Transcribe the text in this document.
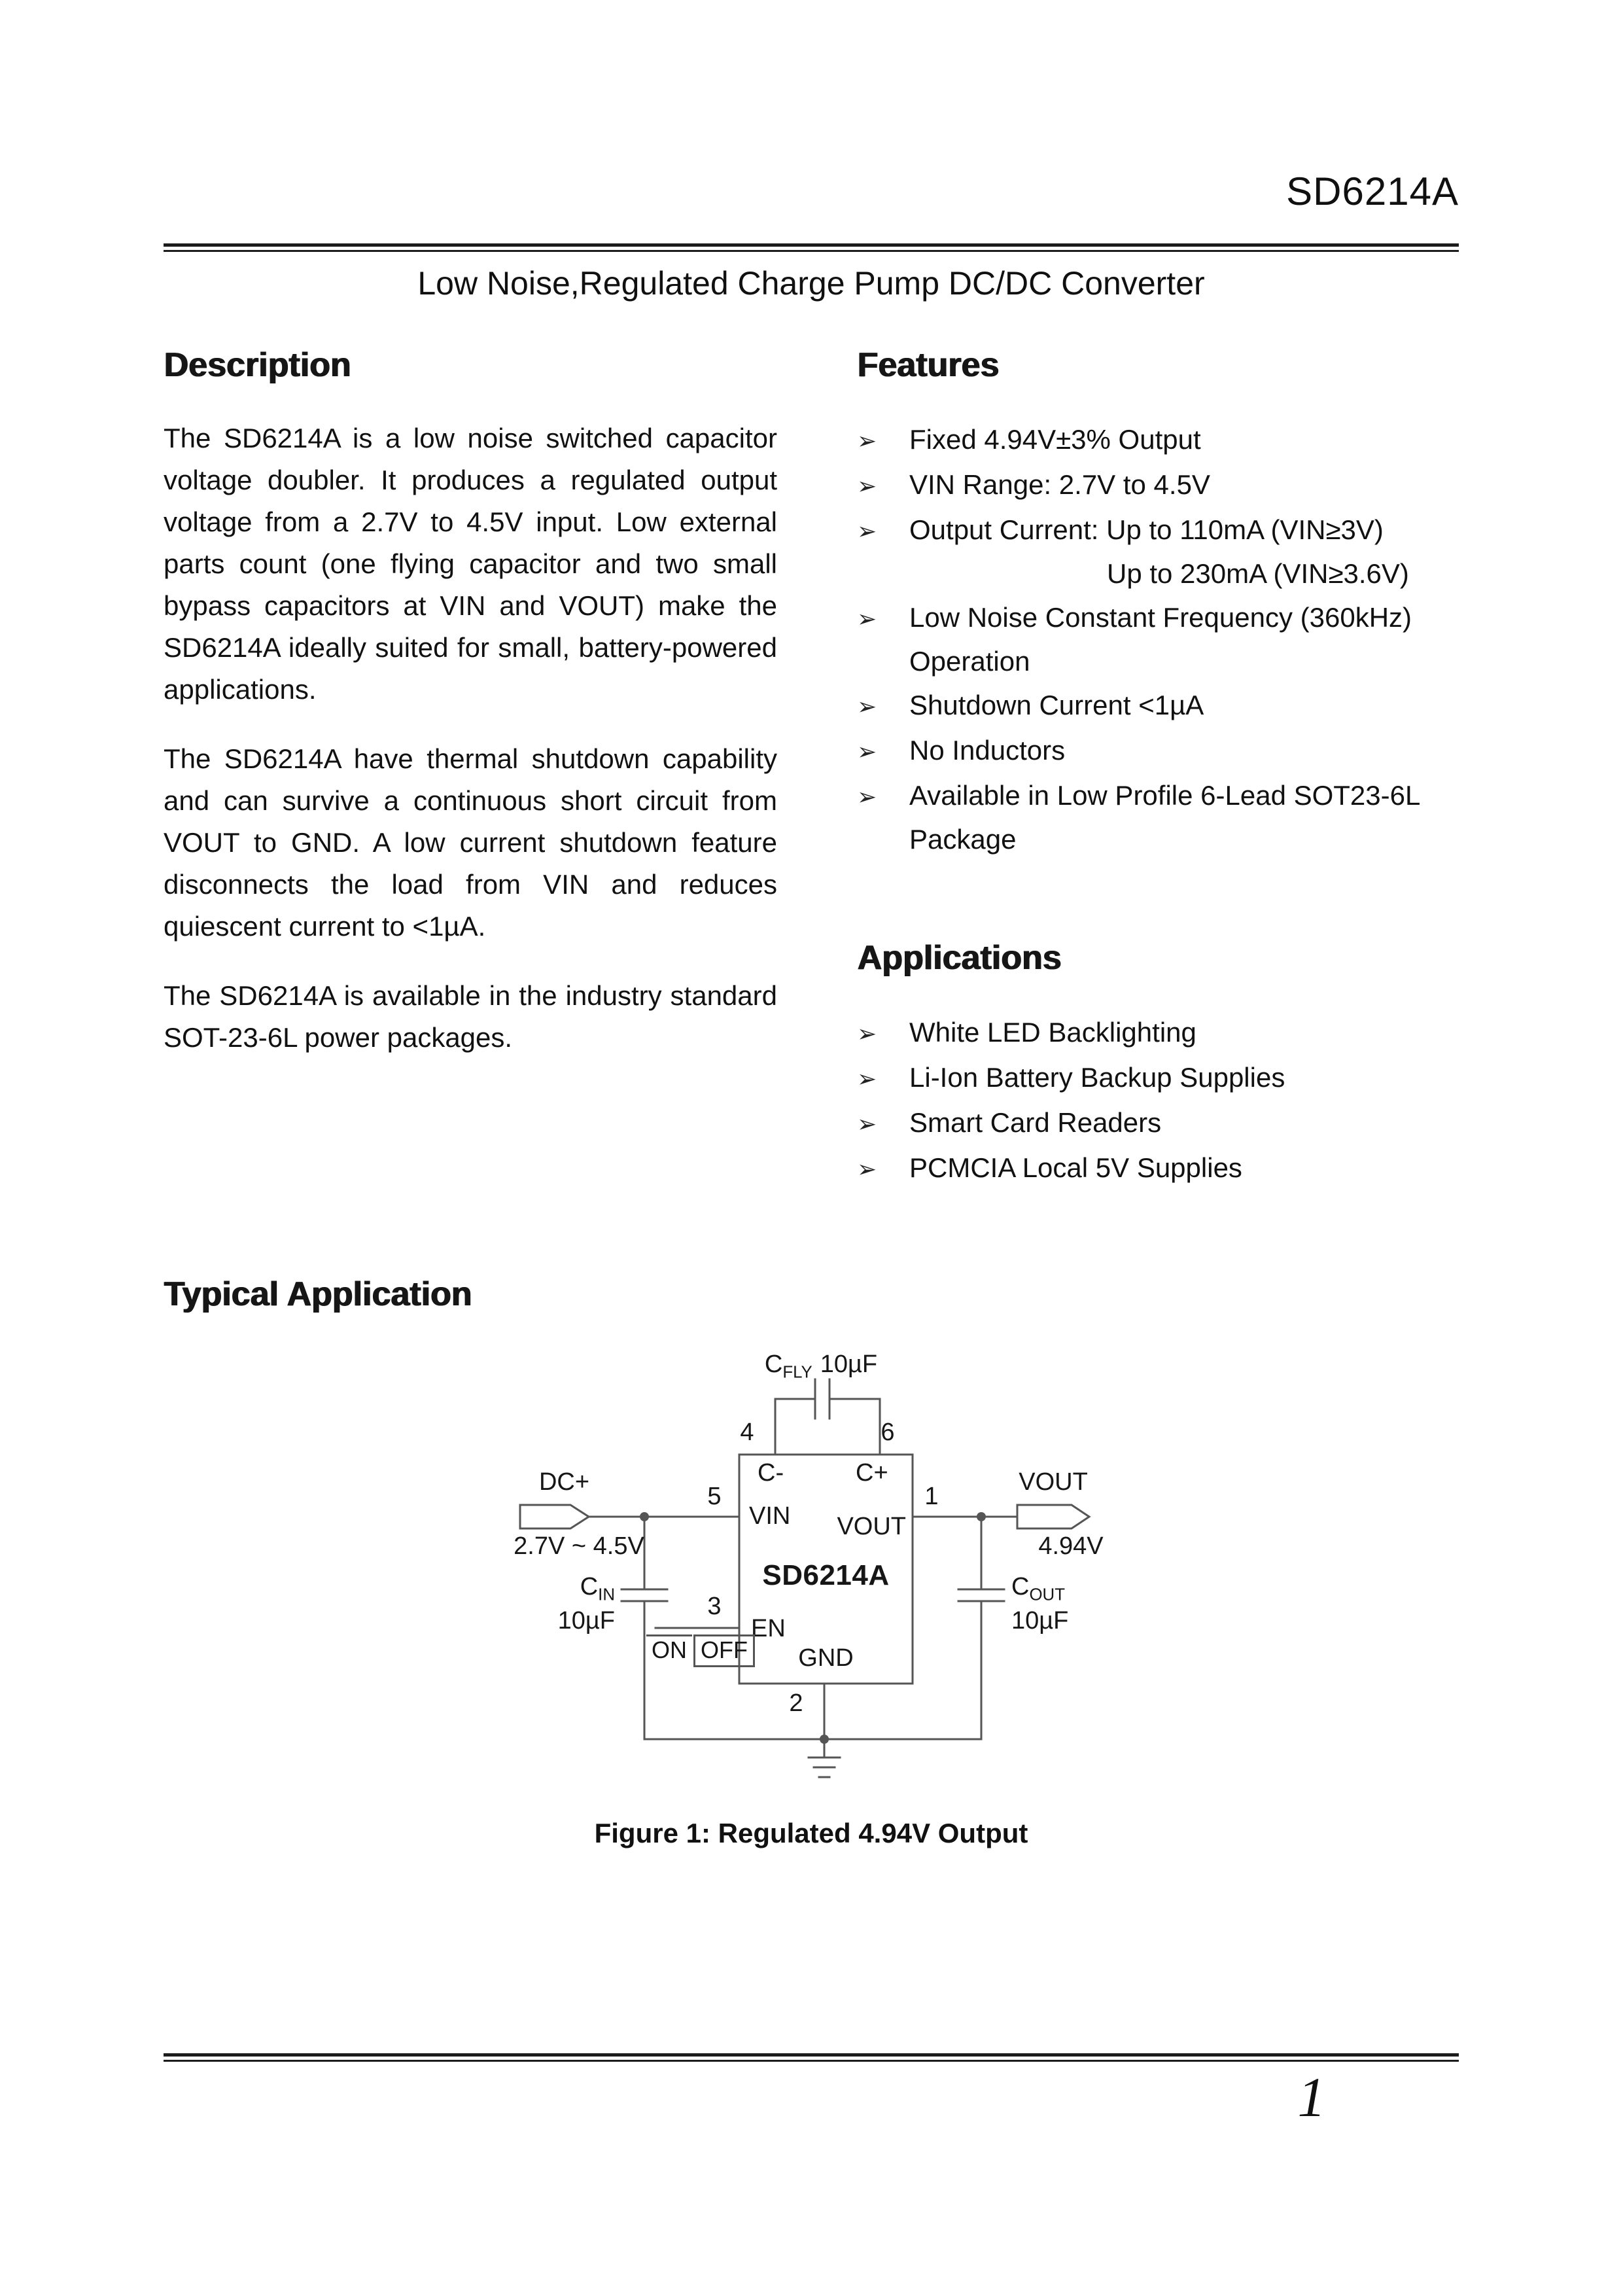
SD6214A
Low Noise,Regulated Charge Pump DC/DC Converter
Description

The SD6214A is a low noise switched capacitor voltage doubler. It produces a regulated output voltage from a 2.7V to 4.5V input. Low external parts count (one flying capacitor and two small bypass capacitors at VIN and VOUT) make the SD6214A ideally suited for small, battery-powered applications.

The SD6214A have thermal shutdown capability and can survive a continuous short circuit from VOUT to GND. A low current shutdown feature disconnects the load from VIN and reduces quiescent current to <1µA.

The SD6214A is available in the industry standard SOT-23-6L power packages.

Features
➢	Fixed 4.94V±3% Output
➢	VIN Range: 2.7V to 4.5V
➢	Output Current: Up to 110mA (VIN≥3V)
Up to 230mA (VIN≥3.6V)
➢	Low Noise Constant Frequency (360kHz)
Operation
➢	Shutdown Current <1µA
➢	No Inductors
➢	Available in Low Profile 6-Lead SOT23-6L
Package
Applications
➢	White LED Backlighting
➢	Li-Ion Battery Backup Supplies
➢	Smart Card Readers
➢	PCMCIA Local 5V Supplies
Typical Application
$C_{FLY}$ 10µF
4	6
5	1
3
2
C-	C+
VIN	VOUT
EN
GND
SD6214A
DC+
2.7V ~ 4.5V
$C_{IN}$
10µF
ON OFF
VOUT
4.94V
$C_{OUT}$
10µF
Figure 1: Regulated 4.94V Output
1
